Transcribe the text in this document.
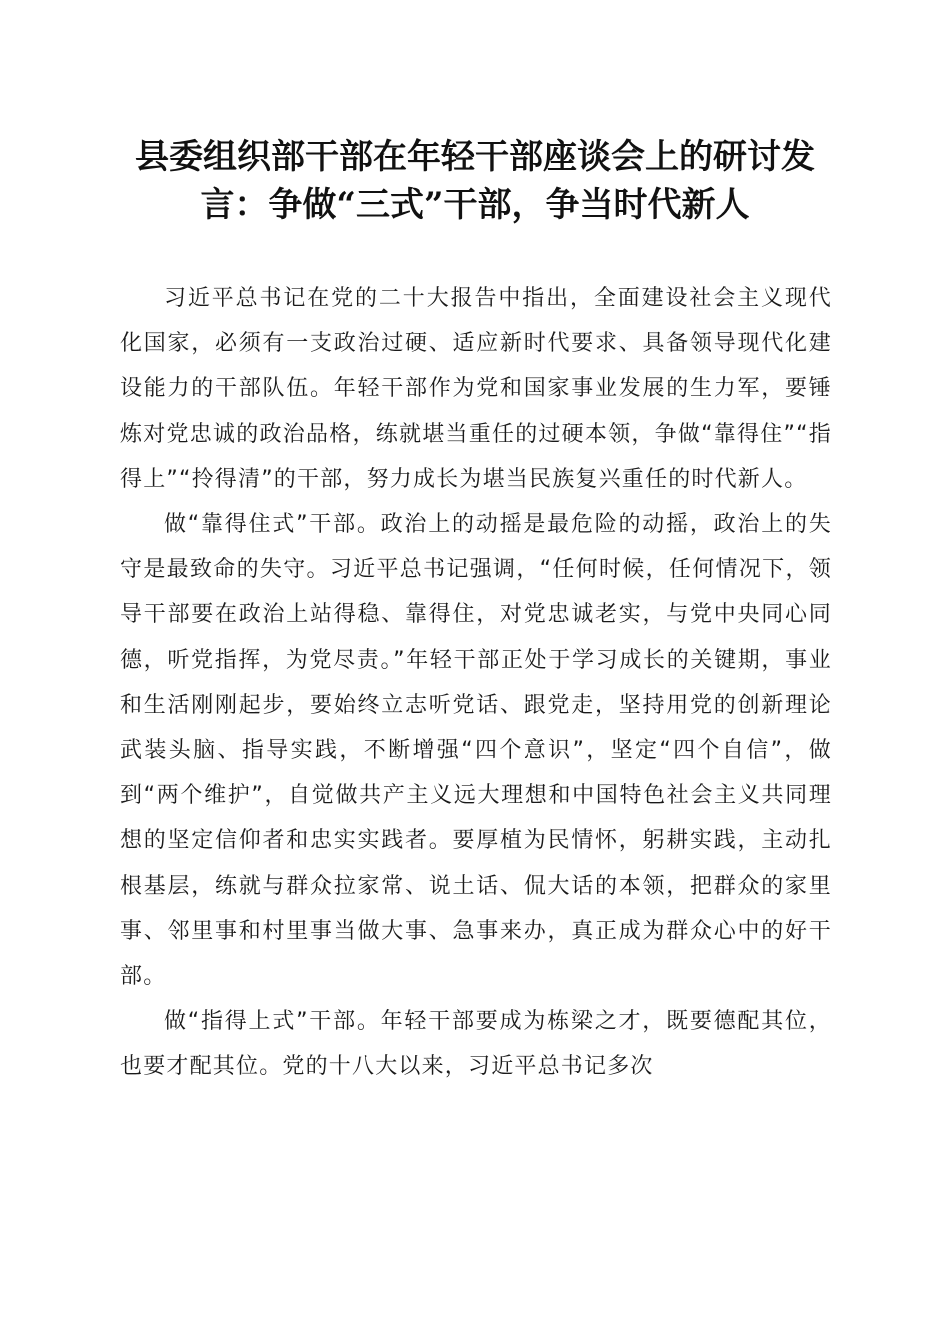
县委组织部干部在年轻干部座谈会上的研讨发
言：争做“三式”干部，争当时代新人

习近平总书记在党的二十大报告中指出，全面建设社会主义现代化国家，必须有一支政治过硬、适应新时代要求、具备领导现代化建设能力的干部队伍。年轻干部作为党和国家事业发展的生力军，要锤炼对党忠诚的政治品格，练就堪当重任的过硬本领，争做“靠得住”“指得上”“拎得清”的干部，努力成长为堪当民族复兴重任的时代新人。

做“靠得住式”干部。政治上的动摇是最危险的动摇，政治上的失守是最致命的失守。习近平总书记强调，“任何时候，任何情况下，领导干部要在政治上站得稳、靠得住，对党忠诚老实，与党中央同心同德，听党指挥，为党尽责。”年轻干部正处于学习成长的关键期，事业和生活刚刚起步，要始终立志听党话、跟党走，坚持用党的创新理论武装头脑、指导实践，不断增强“四个意识”，坚定“四个自信”，做到“两个维护”，自觉做共产主义远大理想和中国特色社会主义共同理想的坚定信仰者和忠实实践者。要厚植为民情怀，躬耕实践，主动扎根基层，练就与群众拉家常、说土话、侃大话的本领，把群众的家里事、邻里事和村里事当做大事、急事来办，真正成为群众心中的好干部。

做“指得上式”干部。年轻干部要成为栋梁之才，既要德配其位，也要才配其位。党的十八大以来，习近平总书记多次
